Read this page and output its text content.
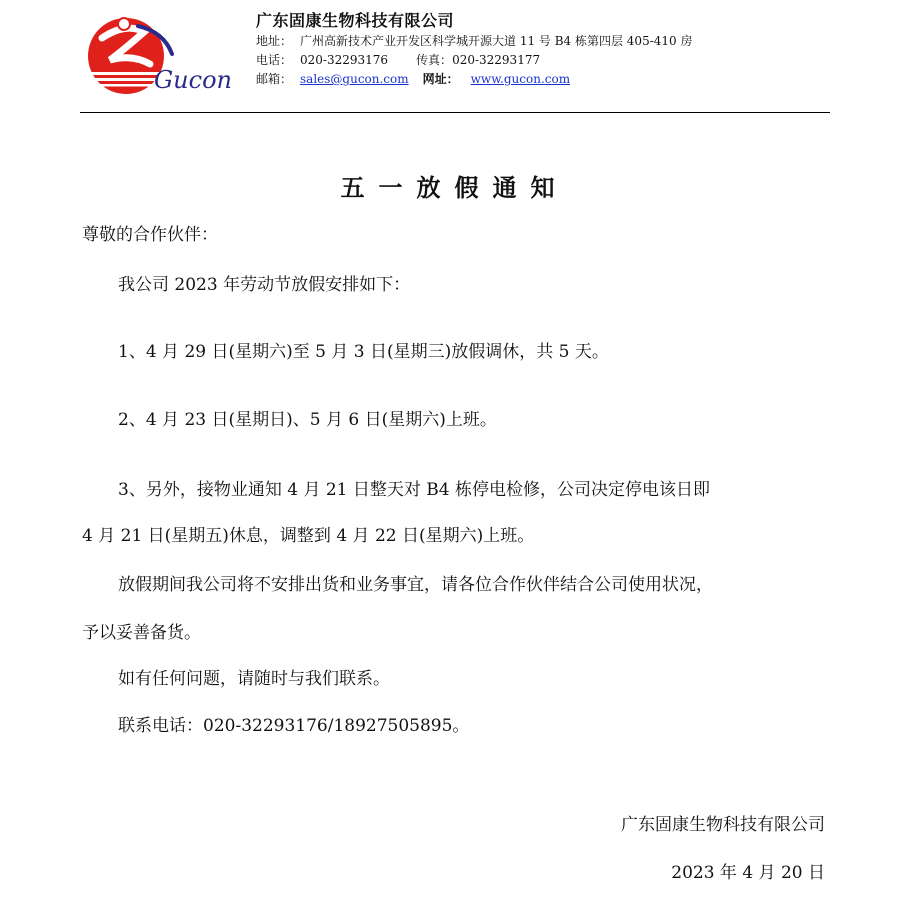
Gucon
广东固康生物科技有限公司
地址： 广州高新技术产业开发区科学城开源大道 11 号 B4 栋第四层 405-410 房
电话： 020-32293176 传真：020-32293177
邮箱： sales@gucon.com 网址： www.gucon.com
五一放假通知
尊敬的合作伙伴：
我公司 2023 年劳动节放假安排如下：
1、4 月 29 日(星期六)至 5 月 3 日(星期三)放假调休，共 5 天。
2、4 月 23 日(星期日)、5 月 6 日(星期六)上班。
3、另外，接物业通知 4 月 21 日整天对 B4 栋停电检修，公司决定停电该日即
4 月 21 日(星期五)休息，调整到 4 月 22 日(星期六)上班。
放假期间我公司将不安排出货和业务事宜，请各位合作伙伴结合公司使用状况，
予以妥善备货。
如有任何问题，请随时与我们联系。
联系电话：020-32293176/18927505895。
广东固康生物科技有限公司
2023 年 4 月 20 日
